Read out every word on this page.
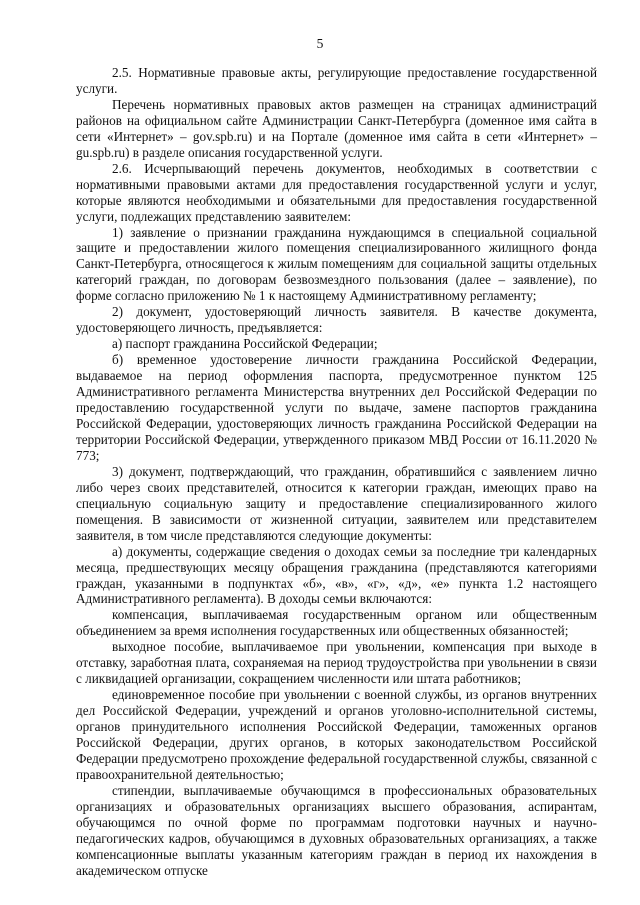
5

2.5. Нормативные правовые акты, регулирующие предоставление государственной услуги.

Перечень нормативных правовых актов размещен на страницах администраций районов на официальном сайте Администрации Санкт-Петербурга (доменное имя сайта в сети «Интернет» – gov.spb.ru) и на Портале (доменное имя сайта в сети «Интернет» – gu.spb.ru) в разделе описания государственной услуги.

2.6. Исчерпывающий перечень документов, необходимых в соответствии с нормативными правовыми актами для предоставления государственной услуги и услуг, которые являются необходимыми и обязательными для предоставления государственной услуги, подлежащих представлению заявителем:

1) заявление о признании гражданина нуждающимся в специальной социальной защите и предоставлении жилого помещения специализированного жилищного фонда Санкт-Петербурга, относящегося к жилым помещениям для социальной защиты отдельных категорий граждан, по договорам безвозмездного пользования (далее – заявление), по форме согласно приложению № 1 к настоящему Административному регламенту;

2) документ, удостоверяющий личность заявителя. В качестве документа, удостоверяющего личность, предъявляется:

а) паспорт гражданина Российской Федерации;

б) временное удостоверение личности гражданина Российской Федерации, выдаваемое на период оформления паспорта, предусмотренное пунктом 125 Административного регламента Министерства внутренних дел Российской Федерации по предоставлению государственной услуги по выдаче, замене паспортов гражданина Российской Федерации, удостоверяющих личность гражданина Российской Федерации на территории Российской Федерации, утвержденного приказом МВД России от 16.11.2020 № 773;

3) документ, подтверждающий, что гражданин, обратившийся с заявлением лично либо через своих представителей, относится к категории граждан, имеющих право на специальную социальную защиту и предоставление специализированного жилого помещения. В зависимости от жизненной ситуации, заявителем или представителем заявителя, в том числе представляются следующие документы:

а) документы, содержащие сведения о доходах семьи за последние три календарных месяца, предшествующих месяцу обращения гражданина (представляются категориями граждан, указанными в подпунктах «б», «в», «г», «д», «е» пункта 1.2 настоящего Административного регламента). В доходы семьи включаются:

компенсация, выплачиваемая государственным органом или общественным объединением за время исполнения государственных или общественных обязанностей;

выходное пособие, выплачиваемое при увольнении, компенсация при выходе в отставку, заработная плата, сохраняемая на период трудоустройства при увольнении в связи с ликвидацией организации, сокращением численности или штата работников;

единовременное пособие при увольнении с военной службы, из органов внутренних дел Российской Федерации, учреждений и органов уголовно-исполнительной системы, органов принудительного исполнения Российской Федерации, таможенных органов Российской Федерации, других органов, в которых законодательством Российской Федерации предусмотрено прохождение федеральной государственной службы, связанной с правоохранительной деятельностью;

стипендии, выплачиваемые обучающимся в профессиональных образовательных организациях и образовательных организациях высшего образования, аспирантам, обучающимся по очной форме по программам подготовки научных и научно-педагогических кадров, обучающимся в духовных образовательных организациях, а также компенсационные выплаты указанным категориям граждан в период их нахождения в академическом отпуске
